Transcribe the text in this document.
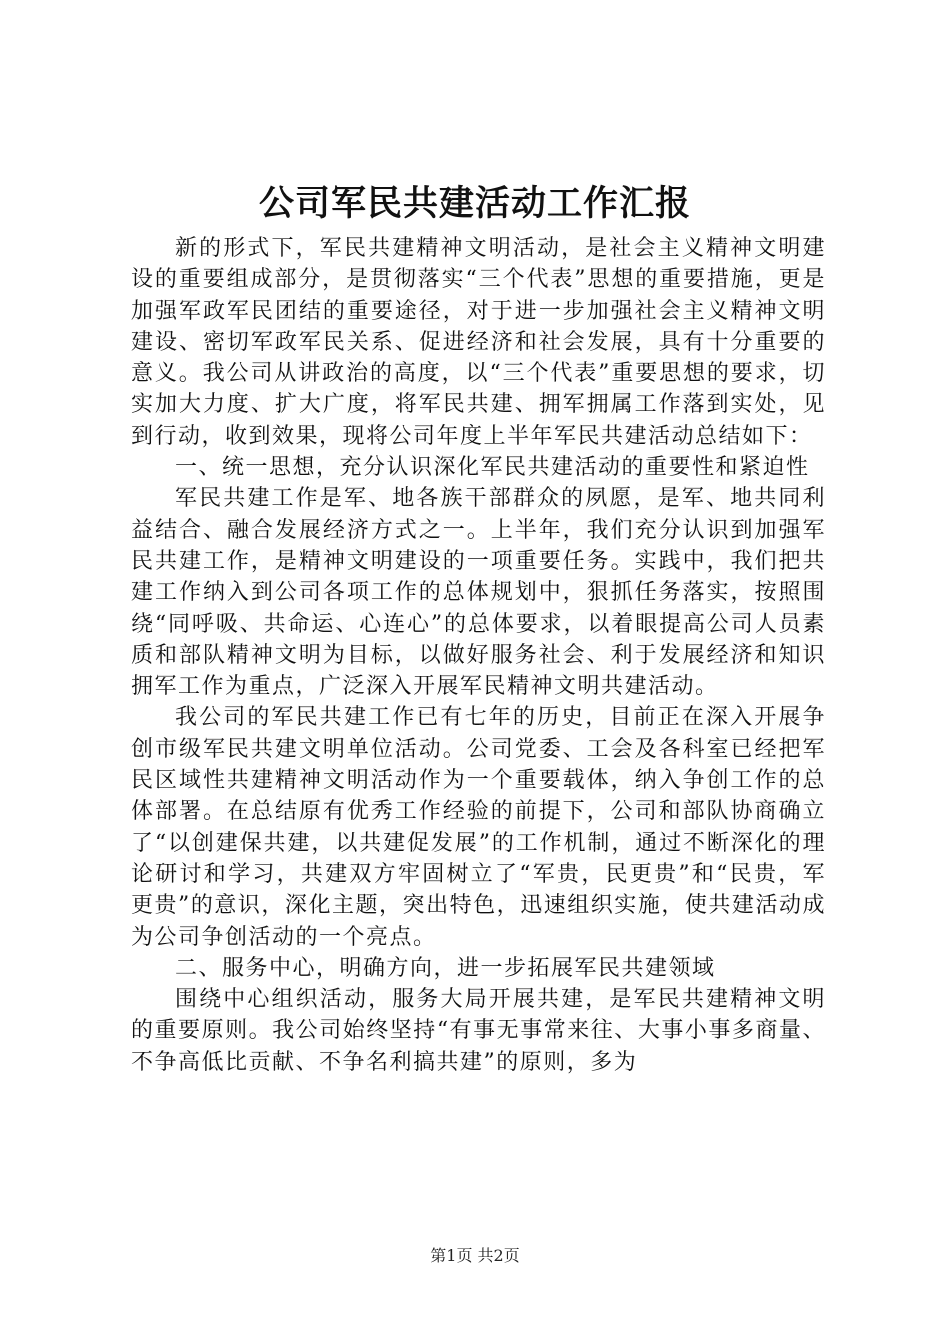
公司军民共建活动工作汇报

新的形式下，军民共建精神文明活动，是社会主义精神文明建设的重要组成部分，是贯彻落实“三个代表”思想的重要措施，更是加强军政军民团结的重要途径，对于进一步加强社会主义精神文明建设、密切军政军民关系、促进经济和社会发展，具有十分重要的意义。我公司从讲政治的高度，以“三个代表”重要思想的要求，切实加大力度、扩大广度，将军民共建、拥军拥属工作落到实处，见到行动，收到效果，现将公司年度上半年军民共建活动总结如下：

一、统一思想，充分认识深化军民共建活动的重要性和紧迫性

军民共建工作是军、地各族干部群众的夙愿，是军、地共同利益结合、融合发展经济方式之一。上半年，我们充分认识到加强军民共建工作，是精神文明建设的一项重要任务。实践中，我们把共建工作纳入到公司各项工作的总体规划中，狠抓任务落实，按照围绕“同呼吸、共命运、心连心”的总体要求，以着眼提高公司人员素质和部队精神文明为目标，以做好服务社会、利于发展经济和知识拥军工作为重点，广泛深入开展军民精神文明共建活动。

我公司的军民共建工作已有七年的历史，目前正在深入开展争创市级军民共建文明单位活动。公司党委、工会及各科室已经把军民区域性共建精神文明活动作为一个重要载体，纳入争创工作的总体部署。在总结原有优秀工作经验的前提下，公司和部队协商确立了“以创建保共建，以共建促发展”的工作机制，通过不断深化的理论研讨和学习，共建双方牢固树立了“军贵，民更贵”和“民贵，军更贵”的意识，深化主题，突出特色，迅速组织实施，使共建活动成为公司争创活动的一个亮点。

二、服务中心，明确方向，进一步拓展军民共建领域

围绕中心组织活动，服务大局开展共建，是军民共建精神文明的重要原则。我公司始终坚持“有事无事常来往、大事小事多商量、不争高低比贡献、不争名利搞共建”的原则，多为

第1页 共2页
